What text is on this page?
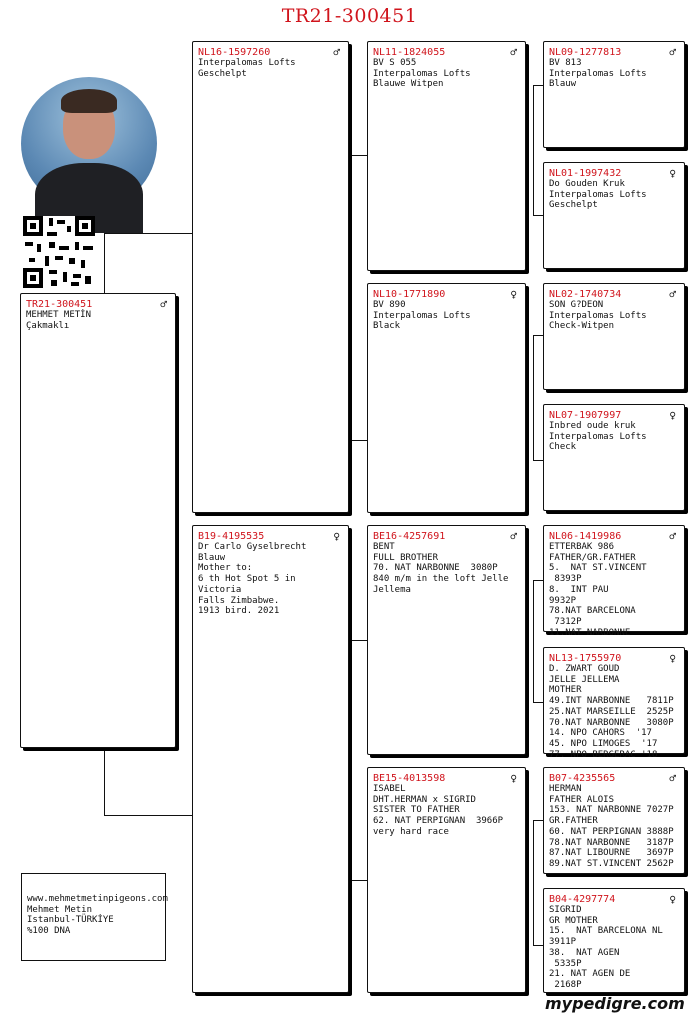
TR21-300451
TR21-300451	♂
MEHMET METİN
Çakmaklı
NL16-1597260	♂
Interpalomas Lofts
Geschelpt
B19-4195535	♀
Dr Carlo Gyselbrecht
Blauw
Mother to:
6 th Hot Spot 5 in Victoria
Falls Zimbabwe.
1913 bird. 2021
NL11-1824055	♂
BV S 055
Interpalomas Lofts
Blauwe Witpen
NL10-1771890	♀
BV 890
Interpalomas Lofts
Black
BE16-4257691	♂
BENT
FULL BROTHER
70. NAT NARBONNE  3080P
840 m/m in the loft Jelle
Jellema
BE15-4013598	♀
ISABEL
DHT.HERMAN x SIGRID
SISTER TO FATHER
62. NAT PERPIGNAN  3966P
very hard race
NL09-1277813	♂
BV 813
Interpalomas Lofts
Blauw
NL01-1997432	♀
Do Gouden Kruk
Interpalomas Lofts
Geschelpt
NL02-1740734	♂
SON G?DEON
Interpalomas Lofts
Check-Witpen
NL07-1907997	♀
Inbred oude kruk
Interpalomas Lofts
Check
NL06-1419986	♂
ETTERBAK 986
FATHER/GR.FATHER
5.  NAT ST.VINCENT
8393P
8.  INT PAU
9932P
78.NAT BARCELONA
7312P
11.NAT NARBONNE
NL13-1755970	♀
D. ZWART GOUD
JELLE JELLEMA
MOTHER
49.INT NARBONNE   7811P
25.NAT MARSEILLE  2525P
70.NAT NARBONNE   3080P
14. NPO CAHORS  '17
45. NPO LIMOGES  '17
77. NPO BERGERAC '18
B07-4235565	♂
HERMAN
FATHER ALOIS
153. NAT NARBONNE 7027P
GR.FATHER
60. NAT PERPIGNAN 3888P
78.NAT NARBONNE   3187P
87.NAT LIBOURNE   3697P
89.NAT ST.VINCENT 2562P
B04-4297774	♀
SIGRID
GR MOTHER
15.  NAT BARCELONA NL
3911P
38.  NAT AGEN
5335P
21. NAT AGEN DE
2168P
www.mehmetmetinpigeons.com
Mehmet Metin
Istanbul-TÜRKİYE
%100 DNA
mypedigre.com
